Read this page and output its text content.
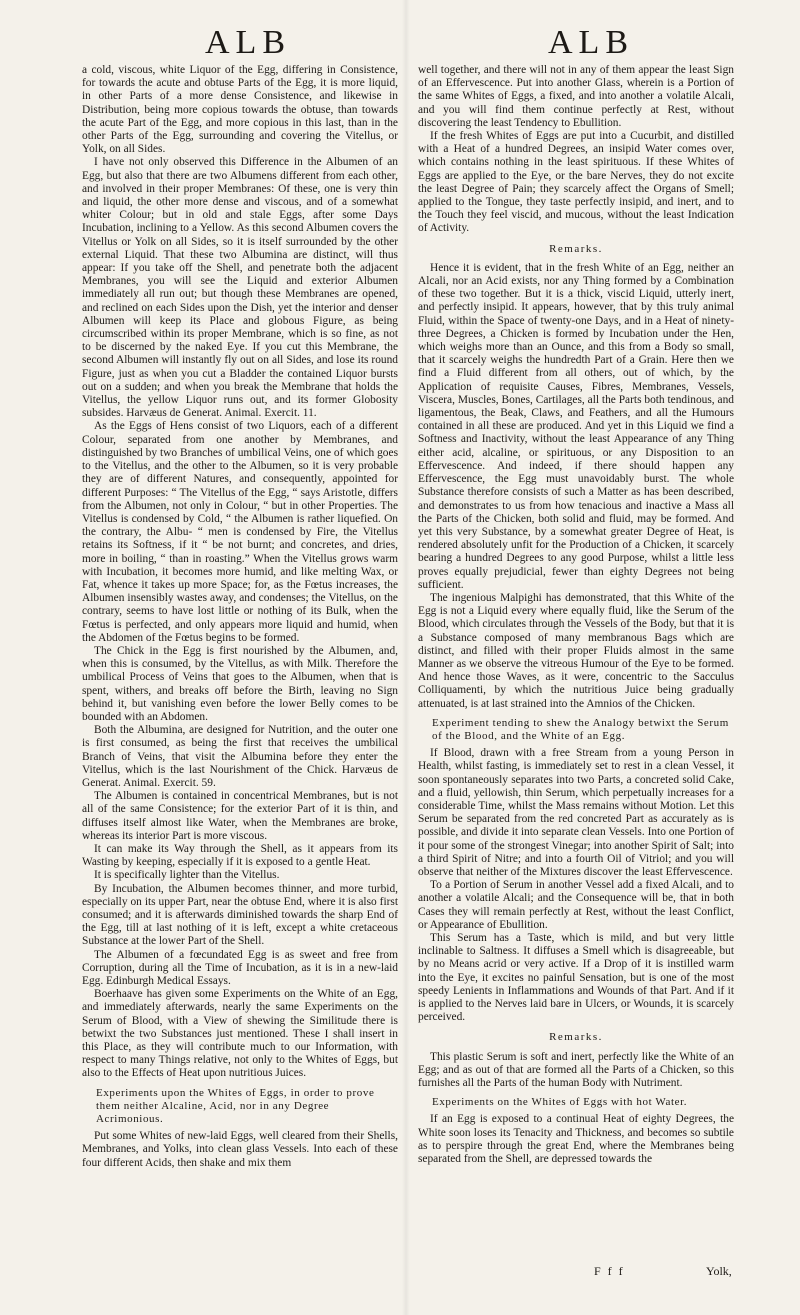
ALB	ALB

a cold, viscous, white Liquor of the Egg, differing in Consistence, for towards the acute and obtuse Parts of the Egg, it is more liquid, in other Parts of a more dense Consistence, and likewise in Distribution, being more copious towards the obtuse, than towards the acute Part of the Egg, and more copious in this last, than in the other Parts of the Egg, surrounding and covering the Vitellus, or Yolk, on all Sides.

I have not only observed this Difference in the Albumen of an Egg, but also that there are two Albumens different from each other, and involved in their proper Membranes: Of these, one is very thin and liquid, the other more dense and viscous, and of a somewhat whiter Colour; but in old and stale Eggs, after some Days Incubation, inclining to a Yellow. As this second Albumen covers the Vitellus or Yolk on all Sides, so it is itself surrounded by the other external Liquid. That these two Albumina are distinct, will thus appear: If you take off the Shell, and penetrate both the adjacent Membranes, you will see the Liquid and exterior Albumen immediately all run out; but though these Membranes are opened, and reclined on each Sides upon the Dish, yet the interior and denser Albumen will keep its Place and globous Figure, as being circumscribed within its proper Membrane, which is so fine, as not to be discerned by the naked Eye. If you cut this Membrane, the second Albumen will instantly fly out on all Sides, and lose its round Figure, just as when you cut a Bladder the contained Liquor bursts out on a sudden; and when you break the Membrane that holds the Vitellus, the yellow Liquor runs out, and its former Globosity subsides. Harvæus de Generat. Animal. Exercit. 11.

As the Eggs of Hens consist of two Liquors, each of a different Colour, separated from one another by Membranes, and distinguished by two Branches of umbilical Veins, one of which goes to the Vitellus, and the other to the Albumen, so it is very probable they are of different Natures, and consequently, appointed for different Purposes: “ The Vitellus of the Egg, “ says Aristotle, differs from the Albumen, not only in Colour, “ but in other Properties. The Vitellus is condensed by Cold, “ the Albumen is rather liquefied. On the contrary, the Albu- “ men is condensed by Fire, the Vitellus retains its Softness, if it “ be not burnt; and concretes, and dries, more in boiling, “ than in roasting.” When the Vitellus grows warm with Incubation, it becomes more humid, and like melting Wax, or Fat, whence it takes up more Space; for, as the Fœtus increases, the Albumen insensibly wastes away, and condenses; the Vitellus, on the contrary, seems to have lost little or nothing of its Bulk, when the Fœtus is perfected, and only appears more liquid and humid, when the Abdomen of the Fœtus begins to be formed.

The Chick in the Egg is first nourished by the Albumen, and, when this is consumed, by the Vitellus, as with Milk. Therefore the umbilical Process of Veins that goes to the Albumen, when that is spent, withers, and breaks off before the Birth, leaving no Sign behind it, but vanishing even before the lower Belly comes to be bounded with an Abdomen.

Both the Albumina, are designed for Nutrition, and the outer one is first consumed, as being the first that receives the umbilical Branch of Veins, that visit the Albumina before they enter the Vitellus, which is the last Nourishment of the Chick. Harvæus de Generat. Animal. Exercit. 59.

The Albumen is contained in concentrical Membranes, but is not all of the same Consistence; for the exterior Part of it is thin, and diffuses itself almost like Water, when the Membranes are broke, whereas its interior Part is more viscous.

It can make its Way through the Shell, as it appears from its Wasting by keeping, especially if it is exposed to a gentle Heat.

It is specifically lighter than the Vitellus.

By Incubation, the Albumen becomes thinner, and more turbid, especially on its upper Part, near the obtuse End, where it is also first consumed; and it is afterwards diminished towards the sharp End of the Egg, till at last nothing of it is left, except a white cretaceous Substance at the lower Part of the Shell.

The Albumen of a fœcundated Egg is as sweet and free from Corruption, during all the Time of Incubation, as it is in a new-laid Egg. Edinburgh Medical Essays.

Boerhaave has given some Experiments on the White of an Egg, and immediately afterwards, nearly the same Experiments on the Serum of Blood, with a View of shewing the Similitude there is betwixt the two Substances just mentioned. These I shall insert in this Place, as they will contribute much to our Information, with respect to many Things relative, not only to the Whites of Eggs, but also to the Effects of Heat upon nutritious Juices.

Experiments upon the Whites of Eggs, in order to prove them neither Alcaline, Acid, nor in any Degree Acrimonious.

Put some Whites of new-laid Eggs, well cleared from their Shells, Membranes, and Yolks, into clean glass Vessels. Into each of these four different Acids, then shake and mix them

well together, and there will not in any of them appear the least Sign of an Effervescence. Put into another Glass, wherein is a Portion of the same Whites of Eggs, a fixed, and into another a volatile Alcali, and you will find them continue perfectly at Rest, without discovering the least Tendency to Ebullition.

If the fresh Whites of Eggs are put into a Cucurbit, and distilled with a Heat of a hundred Degrees, an insipid Water comes over, which contains nothing in the least spirituous. If these Whites of Eggs are applied to the Eye, or the bare Nerves, they do not excite the least Degree of Pain; they scarcely affect the Organs of Smell; applied to the Tongue, they taste perfectly insipid, and inert, and to the Touch they feel viscid, and mucous, without the least Indication of Activity.

Remarks.

Hence it is evident, that in the fresh White of an Egg, neither an Alcali, nor an Acid exists, nor any Thing formed by a Combination of these two together. But it is a thick, viscid Liquid, utterly inert, and perfectly insipid. It appears, however, that by this truly animal Fluid, within the Space of twenty-one Days, and in a Heat of ninety-three Degrees, a Chicken is formed by Incubation under the Hen, which weighs more than an Ounce, and this from a Body so small, that it scarcely weighs the hundredth Part of a Grain. Here then we find a Fluid different from all others, out of which, by the Application of requisite Causes, Fibres, Membranes, Vessels, Viscera, Muscles, Bones, Cartilages, all the Parts both tendinous, and ligamentous, the Beak, Claws, and Feathers, and all the Humours contained in all these are produced. And yet in this Liquid we find a Softness and Inactivity, without the least Appearance of any Thing either acid, alcaline, or spirituous, or any Disposition to an Effervescence. And indeed, if there should happen any Effervescence, the Egg must unavoidably burst. The whole Substance therefore consists of such a Matter as has been described, and demonstrates to us from how tenacious and inactive a Mass all the Parts of the Chicken, both solid and fluid, may be formed. And yet this very Substance, by a somewhat greater Degree of Heat, is rendered absolutely unfit for the Production of a Chicken, it scarcely bearing a hundred Degrees to any good Purpose, whilst a little less proves equally prejudicial, fewer than eighty Degrees not being sufficient.

The ingenious Malpighi has demonstrated, that this White of the Egg is not a Liquid every where equally fluid, like the Serum of the Blood, which circulates through the Vessels of the Body, but that it is a Substance composed of many membranous Bags which are distinct, and filled with their proper Fluids almost in the same Manner as we observe the vitreous Humour of the Eye to be formed. And hence those Waves, as it were, concentric to the Sacculus Colliquamenti, by which the nutritious Juice being gradually attenuated, is at last strained into the Amnios of the Chicken.

Experiment tending to shew the Analogy betwixt the Serum of the Blood, and the White of an Egg.

If Blood, drawn with a free Stream from a young Person in Health, whilst fasting, is immediately set to rest in a clean Vessel, it soon spontaneously separates into two Parts, a concreted solid Cake, and a fluid, yellowish, thin Serum, which perpetually increases for a considerable Time, whilst the Mass remains without Motion. Let this Serum be separated from the red concreted Part as accurately as is possible, and divide it into separate clean Vessels. Into one Portion of it pour some of the strongest Vinegar; into another Spirit of Salt; into a third Spirit of Nitre; and into a fourth Oil of Vitriol; and you will observe that neither of the Mixtures discover the least Effervescence.

To a Portion of Serum in another Vessel add a fixed Alcali, and to another a volatile Alcali; and the Consequence will be, that in both Cases they will remain perfectly at Rest, without the least Conflict, or Appearance of Ebullition.

This Serum has a Taste, which is mild, and but very little inclinable to Saltness. It diffuses a Smell which is disagreeable, but by no Means acrid or very active. If a Drop of it is instilled warm into the Eye, it excites no painful Sensation, but is one of the most speedy Lenients in Inflammations and Wounds of that Part. And if it is applied to the Nerves laid bare in Ulcers, or Wounds, it is scarcely perceived.

Remarks.

This plastic Serum is soft and inert, perfectly like the White of an Egg; and as out of that are formed all the Parts of a Chicken, so this furnishes all the Parts of the human Body with Nutriment.

Experiments on the Whites of Eggs with hot Water.

If an Egg is exposed to a continual Heat of eighty Degrees, the White soon loses its Tenacity and Thickness, and becomes so subtile as to perspire through the great End, where the Membranes being separated from the Shell, are depressed towards the

F f f	Yolk,
